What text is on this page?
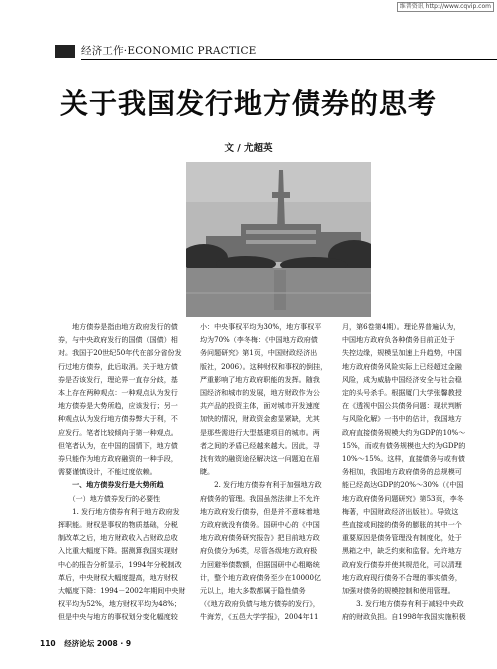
维普资讯 http://www.cqvip.com
经济工作·ECONOMIC PRACTICE
关于我国发行地方债券的思考
文 / 尤超英

　　地方债券是指由地方政府发行的债

券，与中央政府发行的国债（国债）相

对。我国于20世纪50年代在部分省份发

行过地方债券，此后取消。关于地方债

券是否该发行，理论界一直存分歧，基

本上存在两种观点：一种观点认为发行

地方债券是大势所趋，应该发行；另一

种观点认为发行地方债券弊大于利，不

应发行。笔者比较倾向于第一种观点。

但笔者认为，在中国的国情下，地方债

券只能作为地方政府融资的一种手段，

需要谨慎设计，不能过度依赖。

　　一、地方债券发行是大势所趋

　　（一）地方债券发行的必要性

　　1. 发行地方债券有利于地方政府发

挥职能。财权是事权的物质基础，分税

制改革之后，地方财政收入占财政总收

入比重大幅度下降。据测算我国实现财

中心的报告分析显示，1994年分税制改

革后，中央财权大幅度提高，地方财权

大幅度下降：1994－2002年期间中央财

权平均为52%，地方财权平均为48%；

但是中央与地方的事权划分变化幅度较

小：中央事权平均为30%，地方事权平

均为70%（李冬梅：《中国地方政府债

务问题研究》第1页，中国财政经济出

版社，2006）。这种财权和事权的倒挂，

严重影响了地方政府职能的发挥。随我

国经济和城市的发展，地方财政作为公

共产品的投资主体，面对城市开发速度

加快的情况，财政资金愈显紧缺，尤其

是那些需进行大型基建项目的城市。两

者之间的矛盾已经越来越大。因此，寻

找有效的融资途径解决这一问题迫在眉

睫。

　　2. 发行地方债券有利于加强地方政

府债务的管理。我国虽然法律上不允许

地方政府发行债券，但是并不意味着地

方政府就没有债务。国研中心的《中国

地方政府债务研究报告》把目前地方政

府负债分为6类，尽管各级地方政府极

力回避举债数额，但据国研中心粗略统

计，整个地方政府债务至少在10000亿

元以上，地大多数都属于隐性债务

（《地方政府负债与地方债券的发行》，

牛海芳，《五邑大学学报》，2004年11

月，第6卷第4期）。理论界普遍认为，

中国地方政府负各种债务目前正处于

失控边缘，规模呈加速上升趋势，中国

地方政府债务风险实际上已经超过金融

风险，成为威胁中国经济安全与社会稳

定的头号杀手。根据厦门大学张馨教授

在《透视中国公共债务问题：现状判断

与风险化解》一书中的估计，我国地方

政府直接债务规模大约为GDP的10%～

15%，而或有债务规模也大约为GDP的

10%～15%。这样，直接债务与或有债

务相加，我国地方政府债务的总规模可

能已经高达GDP的20%～30%（《中国

地方政府债务问题研究》第53页，李冬

梅著，中国财政经济出版社）。导致这

些直接或间接的债务的膨胀的其中一个

重要原因是债务管理没有制度化，处于

黑箱之中，缺乏约束和监督。允许地方

政府发行债券并使其规范化，可以清理

地方政府现行债务不合理的事实债务，

加强对债务的规模控制和使用管理。

　　3. 发行地方债券有利于减轻中央政

府的财政负担。自1998年我国实施积极

110 经济论坛 2008 · 9
